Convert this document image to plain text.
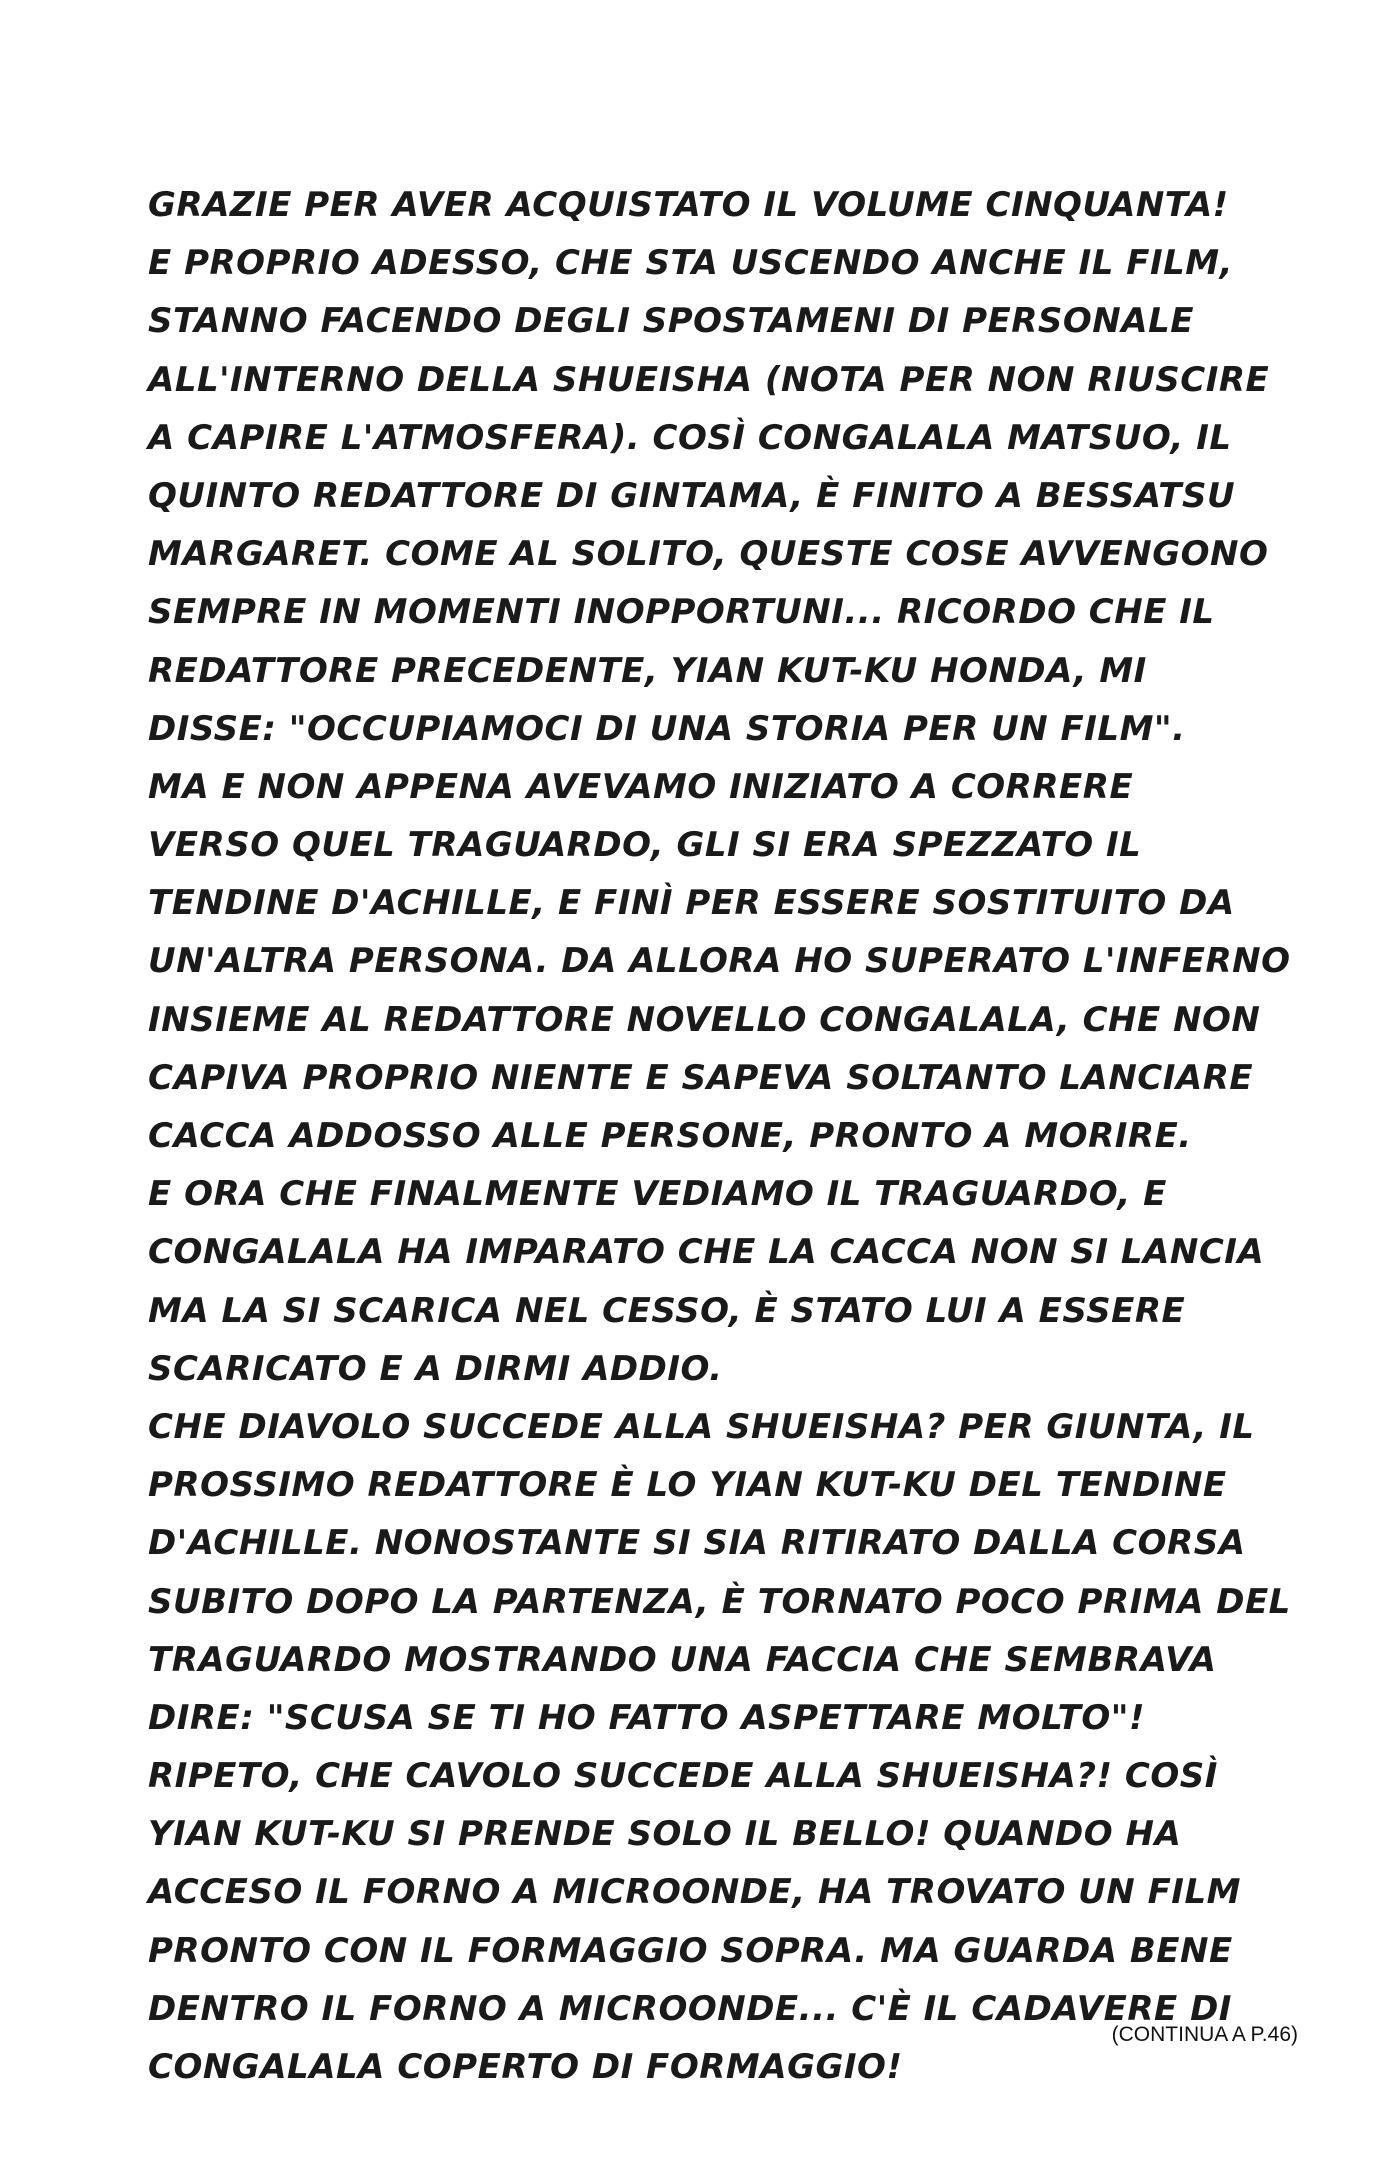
GRAZIE PER AVER ACQUISTATO IL VOLUME CINQUANTA!
E PROPRIO ADESSO, CHE STA USCENDO ANCHE IL FILM,
STANNO FACENDO DEGLI SPOSTAMENI DI PERSONALE
ALL'INTERNO DELLA SHUEISHA (NOTA PER NON RIUSCIRE
A CAPIRE L'ATMOSFERA). COSÌ CONGALALA MATSUO, IL
QUINTO REDATTORE DI GINTAMA, È FINITO A BESSATSU
MARGARET. COME AL SOLITO, QUESTE COSE AVVENGONO
SEMPRE IN MOMENTI INOPPORTUNI... RICORDO CHE IL
REDATTORE PRECEDENTE, YIAN KUT-KU HONDA, MI
DISSE: "OCCUPIAMOCI DI UNA STORIA PER UN FILM".
MA E NON APPENA AVEVAMO INIZIATO A CORRERE
VERSO QUEL TRAGUARDO, GLI SI ERA SPEZZATO IL
TENDINE D'ACHILLE, E FINÌ PER ESSERE SOSTITUITO DA
UN'ALTRA PERSONA. DA ALLORA HO SUPERATO L'INFERNO
INSIEME AL REDATTORE NOVELLO CONGALALA, CHE NON
CAPIVA PROPRIO NIENTE E SAPEVA SOLTANTO LANCIARE
CACCA ADDOSSO ALLE PERSONE, PRONTO A MORIRE.
E ORA CHE FINALMENTE VEDIAMO IL TRAGUARDO, E
CONGALALA HA IMPARATO CHE LA CACCA NON SI LANCIA
MA LA SI SCARICA NEL CESSO, È STATO LUI A ESSERE
SCARICATO E A DIRMI ADDIO.
CHE DIAVOLO SUCCEDE ALLA SHUEISHA? PER GIUNTA, IL
PROSSIMO REDATTORE È LO YIAN KUT-KU DEL TENDINE
D'ACHILLE. NONOSTANTE SI SIA RITIRATO DALLA CORSA
SUBITO DOPO LA PARTENZA, È TORNATO POCO PRIMA DEL
TRAGUARDO MOSTRANDO UNA FACCIA CHE SEMBRAVA
DIRE: "SCUSA SE TI HO FATTO ASPETTARE MOLTO"!
RIPETO, CHE CAVOLO SUCCEDE ALLA SHUEISHA?! COSÌ
YIAN KUT-KU SI PRENDE SOLO IL BELLO! QUANDO HA
ACCESO IL FORNO A MICROONDE, HA TROVATO UN FILM
PRONTO CON IL FORMAGGIO SOPRA. MA GUARDA BENE
DENTRO IL FORNO A MICROONDE... C'È IL CADAVERE DI
CONGALALA COPERTO DI FORMAGGIO!
(CONTINUA A P.46)
